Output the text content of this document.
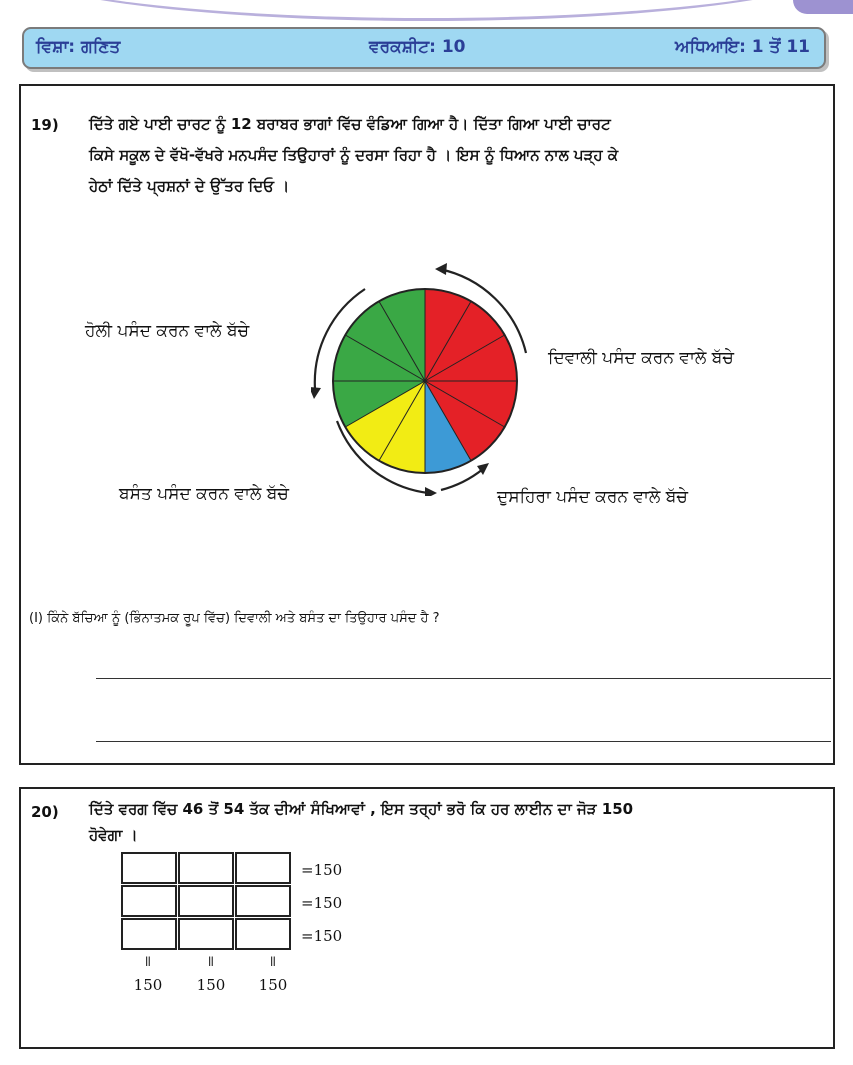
ਵਿਸ਼ਾ: ਗਣਿਤ	ਵਰਕਸ਼ੀਟ: 10	ਅਧਿਆਇ: 1 ਤੋਂ 11
19) ਦਿੱਤੇ ਗਏ ਪਾਈ ਚਾਰਟ ਨੂੰ 12 ਬਰਾਬਰ ਭਾਗਾਂ ਵਿੱਚ ਵੰਡਿਆ ਗਿਆ ਹੈ। ਦਿੱਤਾ ਗਿਆ ਪਾਈ ਚਾਰਟ
ਕਿਸੇ ਸਕੂਲ ਦੇ ਵੱਖੋ-ਵੱਖਰੇ ਮਨਪਸੰਦ ਤਿਉਹਾਰਾਂ ਨੂੰ ਦਰਸਾ ਰਿਹਾ ਹੈ । ਇਸ ਨੂੰ ਧਿਆਨ ਨਾਲ ਪੜ੍ਹ ਕੇ
ਹੇਠਾਂ ਦਿੱਤੇ ਪ੍ਰਸ਼ਨਾਂ ਦੇ ਉੱਤਰ ਦਿਓ ।
ਹੋਲੀ ਪਸੰਦ ਕਰਨ ਵਾਲੇ ਬੱਚੇ
ਦਿਵਾਲੀ ਪਸੰਦ ਕਰਨ ਵਾਲੇ ਬੱਚੇ
ਬਸੰਤ ਪਸੰਦ ਕਰਨ ਵਾਲੇ ਬੱਚੇ	ਦੁਸਹਿਰਾ ਪਸੰਦ ਕਰਨ ਵਾਲੇ ਬੱਚੇ
(I) ਕਿੰਨੇ ਬੱਚਿਆ ਨੂੰ (ਭਿੰਨਾਤਮਕ ਰੂਪ ਵਿੱਚ) ਦਿਵਾਲੀ ਅਤੇ ਬਸੰਤ ਦਾ ਤਿਉਹਾਰ ਪਸੰਦ ਹੈ ?
20) ਦਿੱਤੇ ਵਰਗ ਵਿੱਚ 46 ਤੋਂ 54 ਤੱਕ ਦੀਆਂ ਸੰਖਿਆਵਾਂ , ਇਸ ਤਰ੍ਹਾਂ ਭਰੋ ਕਿ ਹਰ ਲਾਈਨ ਦਾ ਜੋੜ 150
ਹੋਵੇਗਾ ।
=150
=150
=150
ǁ	ǁ	ǁ
150	150	150
